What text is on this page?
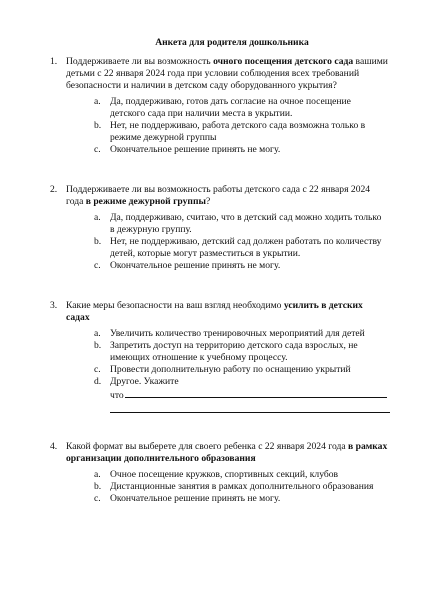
Анкета для родителя дошкольника
1. Поддерживаете ли вы возможность очного посещения детского сада вашими детьми с 22 января 2024 года при условии соблюдения всех требований безопасности и наличии в детском саду оборудованного укрытия?
a. Да, поддерживаю, готов дать согласие на очное посещение детского сада при наличии места в укрытии.
b. Нет, не поддерживаю, работа детского сада возможна только в режиме дежурной группы
c. Окончательное решение принять не могу.
2. Поддерживаете ли вы возможность работы детского сада с 22 января 2024 года в режиме дежурной группы?
a. Да, поддерживаю, считаю, что в детский сад можно ходить только в дежурную группу.
b. Нет, не поддерживаю, детский сад должен работать по количеству детей, которые могут разместиться в укрытии.
c. Окончательное решение принять не могу.
3. Какие меры безопасности на ваш взгляд необходимо усилить в детских садах
a. Увеличить количество тренировочных мероприятий для детей
b. Запретить доступ на территорию детского сада взрослых, не имеющих отношение к учебному процессу.
c. Провести дополнительную работу по оснащению укрытий
d. Другое. Укажите
что
4. Какой формат вы выберете для своего ребенка с 22 января 2024 года в рамках организации дополнительного образования
a. Очное посещение кружков, спортивных секций, клубов
b. Дистанционные занятия в рамках дополнительного образования
c. Окончательное решение принять не могу.
